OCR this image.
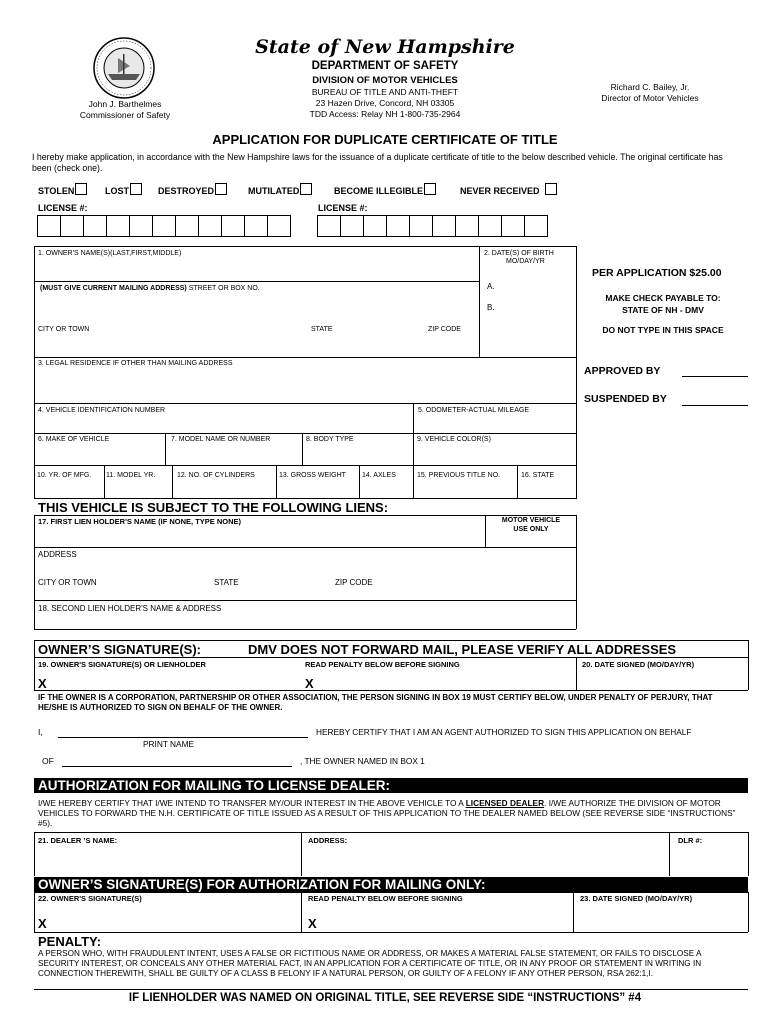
State of New Hampshire
DEPARTMENT OF SAFETY
DIVISION OF MOTOR VEHICLES
BUREAU OF TITLE AND ANTI-THEFT
23 Hazen Drive, Concord, NH 03305
TDD Access: Relay NH 1-800-735-2964
John J. Barthelmes
Commissioner of Safety
Richard C. Bailey, Jr.
Director of Motor Vehicles
APPLICATION FOR DUPLICATE CERTIFICATE OF TITLE
I hereby make application, in accordance with the New Hampshire laws for the issuance of a duplicate certificate of title to the below described vehicle. The original certificate has been (check one).
STOLEN	LOST	DESTROYED	MUTILATED	BECOME ILLEGIBLE	NEVER RECEIVED
LICENSE #:	LICENSE #:
1. OWNER'S NAME(S)(LAST,FIRST,MIDDLE)	2. DATE(S) OF BIRTH
MO/DAY/YR
A.
B.
(MUST GIVE CURRENT MAILING ADDRESS) STREET OR BOX NO.
CITY OR TOWN	STATE	ZIP CODE
3. LEGAL RESIDENCE IF OTHER THAN MAILING ADDRESS
4. VEHICLE IDENTIFICATION NUMBER	5. ODOMETER-ACTUAL MILEAGE
6. MAKE OF VEHICLE	7. MODEL NAME OR NUMBER	8. BODY TYPE	9. VEHICLE COLOR(S)
10. YR. OF MFG. 11. MODEL YR.	12. NO. OF CYLINDERS	13. GROSS WEIGHT 14. AXLES	15. PREVIOUS TITLE NO.	16. STATE
PER APPLICATION $25.00
MAKE CHECK PAYABLE TO:
STATE OF NH - DMV
DO NOT TYPE IN THIS SPACE
APPROVED BY
SUSPENDED BY
THIS VEHICLE IS SUBJECT TO THE FOLLOWING LIENS:
17. FIRST LIEN HOLDER'S NAME (IF NONE, TYPE NONE)	MOTOR VEHICLE
USE ONLY
ADDRESS
CITY OR TOWN	STATE	ZIP CODE
18. SECOND LIEN HOLDER'S NAME & ADDRESS
OWNER’S SIGNATURE(S):	DMV DOES NOT FORWARD MAIL, PLEASE VERIFY ALL ADDRESSES
19. OWNER'S SIGNATURE(S) OR LIENHOLDER	READ PENALTY BELOW BEFORE SIGNING	20. DATE SIGNED (MO/DAY/YR)
X	X
IF THE OWNER IS A CORPORATION, PARTNERSHIP OR OTHER ASSOCIATION, THE PERSON SIGNING IN BOX 19 MUST CERTIFY BELOW, UNDER PENALTY OF PERJURY, THAT HE/SHE IS AUTHORIZED TO SIGN ON BEHALF OF THE OWNER.
I,	HEREBY CERTIFY THAT I AM AN AGENT AUTHORIZED TO SIGN THIS APPLICATION ON BEHALF
PRINT NAME
OF	, THE OWNER NAMED IN BOX 1
AUTHORIZATION FOR MAILING TO LICENSE DEALER:
I/WE HEREBY CERTIFY THAT I/WE INTEND TO TRANSFER MY/OUR INTEREST IN THE ABOVE VEHICLE TO A LICENSED DEALER. I/WE AUTHORIZE THE DIVISION OF MOTOR VEHICLES TO FORWARD THE N.H. CERTIFICATE OF TITLE ISSUED AS A RESULT OF THIS APPLICATION TO THE DEALER NAMED BELOW (SEE REVERSE SIDE “INSTRUCTIONS” #5).
21. DEALER ’S NAME:	ADDRESS:	DLR #:
OWNER’S SIGNATURE(S) FOR AUTHORIZATION FOR MAILING ONLY:
22. OWNER'S SIGNATURE(S)	READ PENALTY BELOW BEFORE SIGNING	23. DATE SIGNED (MO/DAY/YR)
X	X
PENALTY:
A PERSON WHO, WITH FRAUDULENT INTENT, USES A FALSE OR FICTITIOUS NAME OR ADDRESS, OR MAKES A MATERIAL FALSE STATEMENT, OR FAILS TO DISCLOSE A SECURITY INTEREST, OR CONCEALS ANY OTHER MATERIAL FACT, IN AN APPLICATION FOR A CERTIFICATE OF TITLE, OR IN ANY PROOF OR STATEMENT IN WRITING IN CONNECTION THEREWITH, SHALL BE GUILTY OF A CLASS B FELONY IF A NATURAL PERSON, OR GUILTY OF A FELONY IF ANY OTHER PERSON, RSA 262:1,I.
IF LIENHOLDER WAS NAMED ON ORIGINAL TITLE, SEE REVERSE SIDE “INSTRUCTIONS” #4
